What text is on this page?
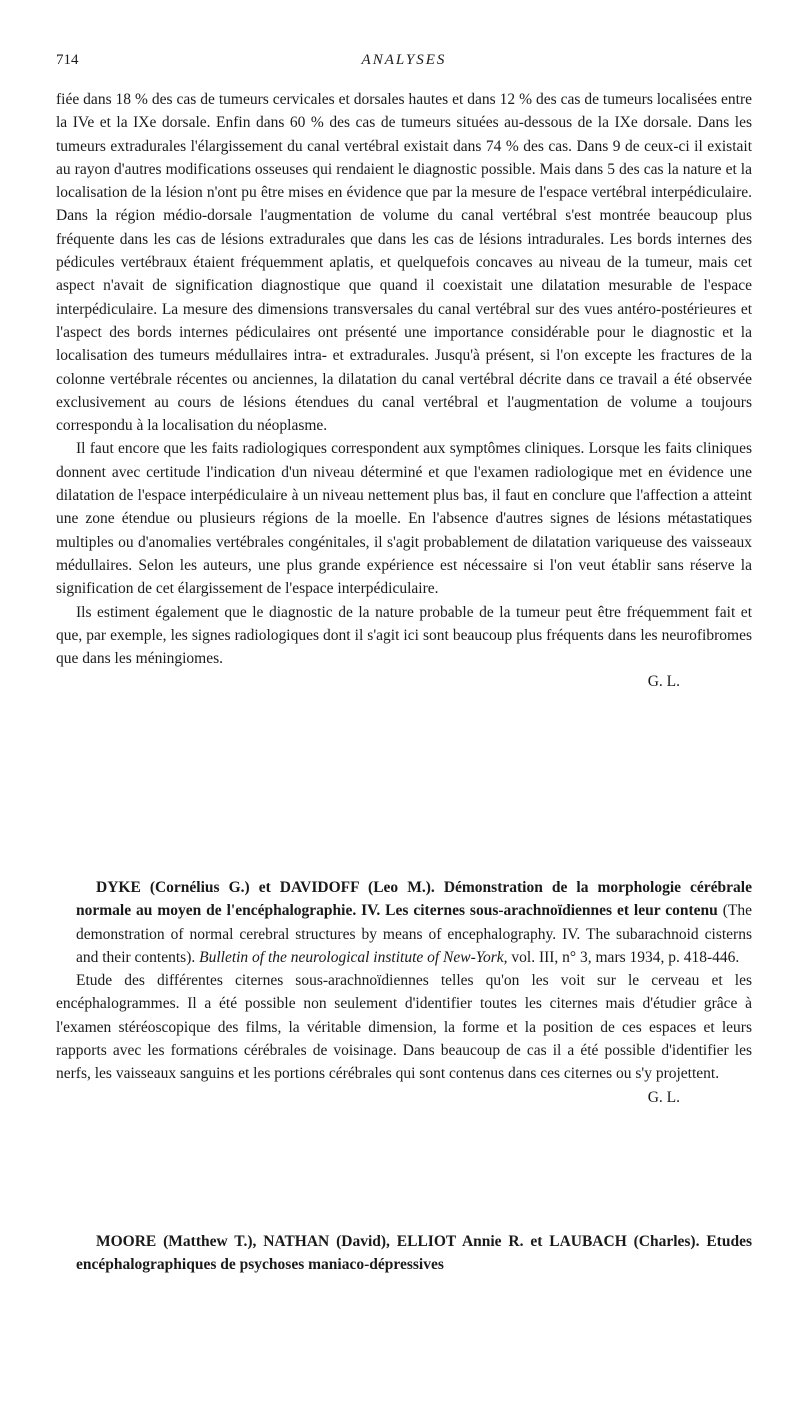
714	ANALYSES

fiée dans 18 % des cas de tumeurs cervicales et dorsales hautes et dans 12 % des cas de tumeurs localisées entre la IVe et la IXe dorsale. Enfin dans 60 % des cas de tumeurs situées au-dessous de la IXe dorsale. Dans les tumeurs extradurales l'élargissement du canal vertébral existait dans 74 % des cas. Dans 9 de ceux-ci il existait au rayon d'autres modifications osseuses qui rendaient le diagnostic possible. Mais dans 5 des cas la nature et la localisation de la lésion n'ont pu être mises en évidence que par la mesure de l'espace vertébral interpédiculaire. Dans la région médio-dorsale l'augmentation de volume du canal vertébral s'est montrée beaucoup plus fréquente dans les cas de lésions extradurales que dans les cas de lésions intradurales. Les bords internes des pédicules vertébraux étaient fréquemment aplatis, et quelquefois concaves au niveau de la tumeur, mais cet aspect n'avait de signification diagnostique que quand il coexistait une dilatation mesurable de l'espace interpédiculaire. La mesure des dimensions transversales du canal vertébral sur des vues antéro-postérieures et l'aspect des bords internes pédiculaires ont présenté une importance considérable pour le diagnostic et la localisation des tumeurs médullaires intra- et extradurales. Jusqu'à présent, si l'on excepte les fractures de la colonne vertébrale récentes ou anciennes, la dilatation du canal vertébral décrite dans ce travail a été observée exclusivement au cours de lésions étendues du canal vertébral et l'augmentation de volume a toujours correspondu à la localisation du néoplasme.

Il faut encore que les faits radiologiques correspondent aux symptômes cliniques. Lorsque les faits cliniques donnent avec certitude l'indication d'un niveau déterminé et que l'examen radiologique met en évidence une dilatation de l'espace interpédiculaire à un niveau nettement plus bas, il faut en conclure que l'affection a atteint une zone étendue ou plusieurs régions de la moelle. En l'absence d'autres signes de lésions métastatiques multiples ou d'anomalies vertébrales congénitales, il s'agit probablement de dilatation variqueuse des vaisseaux médullaires. Selon les auteurs, une plus grande expérience est nécessaire si l'on veut établir sans réserve la signification de cet élargissement de l'espace interpédiculaire.

Ils estiment également que le diagnostic de la nature probable de la tumeur peut être fréquemment fait et que, par exemple, les signes radiologiques dont il s'agit ici sont beaucoup plus fréquents dans les neurofibromes que dans les méningiomes.

G. L.

DYKE (Cornélius G.) et DAVIDOFF (Leo M.). Démonstration de la morphologie cérébrale normale au moyen de l'encéphalographie. IV. Les citernes sous-arachnoïdiennes et leur contenu (The demonstration of normal cerebral structures by means of encephalography. IV. The subarachnoid cisterns and their contents). Bulletin of the neurological institute of New-York, vol. III, n° 3, mars 1934, p. 418-446.

Etude des différentes citernes sous-arachnoïdiennes telles qu'on les voit sur le cerveau et les encéphalogrammes. Il a été possible non seulement d'identifier toutes les citernes mais d'étudier grâce à l'examen stéréoscopique des films, la véritable dimension, la forme et la position de ces espaces et leurs rapports avec les formations cérébrales de voisinage. Dans beaucoup de cas il a été possible d'identifier les nerfs, les vaisseaux sanguins et les portions cérébrales qui sont contenus dans ces citernes ou s'y projettent.

G. L.

MOORE (Matthew T.), NATHAN (David), ELLIOT Annie R. et LAUBACH (Charles). Etudes encéphalographiques de psychoses maniaco-dépressives
